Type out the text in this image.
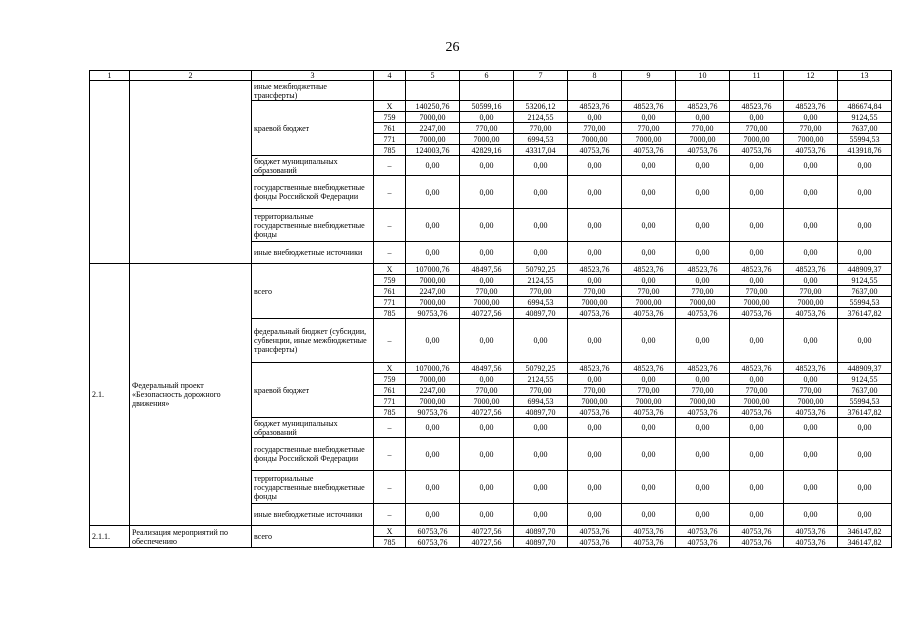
26
1	2	3	4	5	6	7	8	9	10	11	12	13
		иные межбюджетные трансферты)										
		краевой бюджет	X	140250,76	50599,16	53206,12	48523,76	48523,76	48523,76	48523,76	48523,76	486674,84
			759	7000,00	0,00	2124,55	0,00	0,00	0,00	0,00	0,00	9124,55
			761	2247,00	770,00	770,00	770,00	770,00	770,00	770,00	770,00	7637,00
			771	7000,00	7000,00	6994,53	7000,00	7000,00	7000,00	7000,00	7000,00	55994,53
			785	124003,76	42829,16	43317,04	40753,76	40753,76	40753,76	40753,76	40753,76	413918,76
		бюджет муниципальных образований	–	0,00	0,00	0,00	0,00	0,00	0,00	0,00	0,00	0,00
		государственные внебюджетные фонды Российской Федерации	–	0,00	0,00	0,00	0,00	0,00	0,00	0,00	0,00	0,00
		территориальные государственные внебюджетные фонды	–	0,00	0,00	0,00	0,00	0,00	0,00	0,00	0,00	0,00
		иные внебюджетные источники	–	0,00	0,00	0,00	0,00	0,00	0,00	0,00	0,00	0,00
2.1.	Федеральный проект «Безопасность дорожного движения»	всего	X	107000,76	48497,56	50792,25	48523,76	48523,76	48523,76	48523,76	48523,76	448909,37
			759	7000,00	0,00	2124,55	0,00	0,00	0,00	0,00	0,00	9124,55
			761	2247,00	770,00	770,00	770,00	770,00	770,00	770,00	770,00	7637,00
			771	7000,00	7000,00	6994,53	7000,00	7000,00	7000,00	7000,00	7000,00	55994,53
			785	90753,76	40727,56	40897,70	40753,76	40753,76	40753,76	40753,76	40753,76	376147,82
		федеральный бюджет (субсидии, субвенции, иные межбюджетные трансферты)	–	0,00	0,00	0,00	0,00	0,00	0,00	0,00	0,00	0,00
		краевой бюджет	X	107000,76	48497,56	50792,25	48523,76	48523,76	48523,76	48523,76	48523,76	448909,37
			759	7000,00	0,00	2124,55	0,00	0,00	0,00	0,00	0,00	9124,55
			761	2247,00	770,00	770,00	770,00	770,00	770,00	770,00	770,00	7637,00
			771	7000,00	7000,00	6994,53	7000,00	7000,00	7000,00	7000,00	7000,00	55994,53
			785	90753,76	40727,56	40897,70	40753,76	40753,76	40753,76	40753,76	40753,76	376147,82
		бюджет муниципальных образований	–	0,00	0,00	0,00	0,00	0,00	0,00	0,00	0,00	0,00
		государственные внебюджетные фонды Российской Федерации	–	0,00	0,00	0,00	0,00	0,00	0,00	0,00	0,00	0,00
		территориальные государственные внебюджетные фонды	–	0,00	0,00	0,00	0,00	0,00	0,00	0,00	0,00	0,00
		иные внебюджетные источники	–	0,00	0,00	0,00	0,00	0,00	0,00	0,00	0,00	0,00
2.1.1.	Реализация мероприятий по обеспечению	всего	X	60753,76	40727,56	40897,70	40753,76	40753,76	40753,76	40753,76	40753,76	346147,82
			785	60753,76	40727,56	40897,70	40753,76	40753,76	40753,76	40753,76	40753,76	346147,82
